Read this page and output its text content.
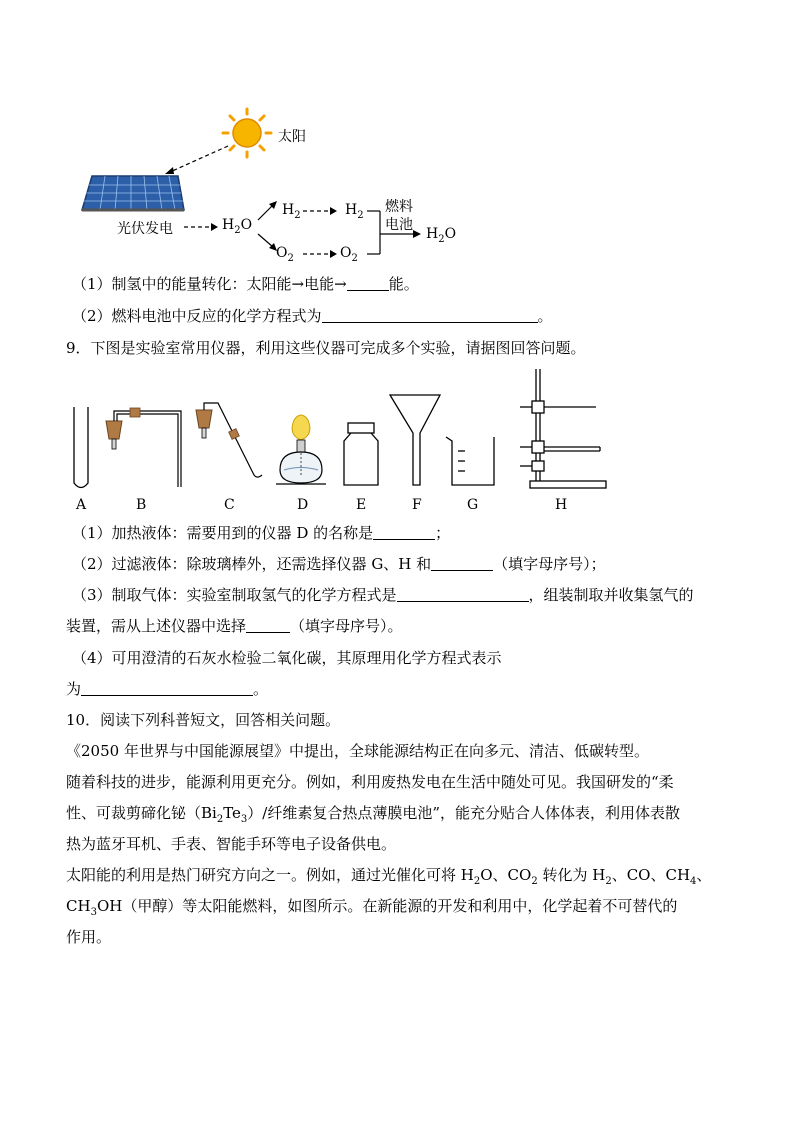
太阳
光伏发电	$H_2O$
$H_2$	$H_2$
$O_2$	$O_2$
燃料
电池
$H_2O$
（1）制氢中的能量转化：太阳能→电能→	能。
（2）燃料电池中反应的化学方程式为	。
9．下图是实验室常用仪器，利用这些仪器可完成多个实验，请据图回答问题。
A	B	C	D	E	F	G	H
（1）加热液体：需要用到的仪器 D 的名称是	；
（2）过滤液体：除玻璃棒外，还需选择仪器 G、H 和	（填字母序号）；
（3）制取气体：实验室制取氢气的化学方程式是	，组装制取并收集氢气的
装置，需从上述仪器中选择	（填字母序号）。
（4）可用澄清的石灰水检验二氧化碳，其原理用化学方程式表示
为	。
10．阅读下列科普短文，回答相关问题。
《2050 年世界与中国能源展望》中提出，全球能源结构正在向多元、清洁、低碳转型。
随着科技的进步，能源利用更充分。例如，利用废热发电在生活中随处可见。我国研发的“柔
性、可裁剪碲化铋$(Bi_2Te_3)/$纤维素复合热点薄膜电池”，能充分贴合人体体表，利用体表散
热为蓝牙耳机、手表、智能手环等电子设备供电。
太阳能的利用是热门研究方向之一。例如，通过光催化可将 $H_2O$、$CO_2$ 转化为 $H_2$、CO、$CH_4$、
$CH_3OH$（甲醇）等太阳能燃料，如图所示。在新能源的开发和利用中，化学起着不可替代的
作用。
